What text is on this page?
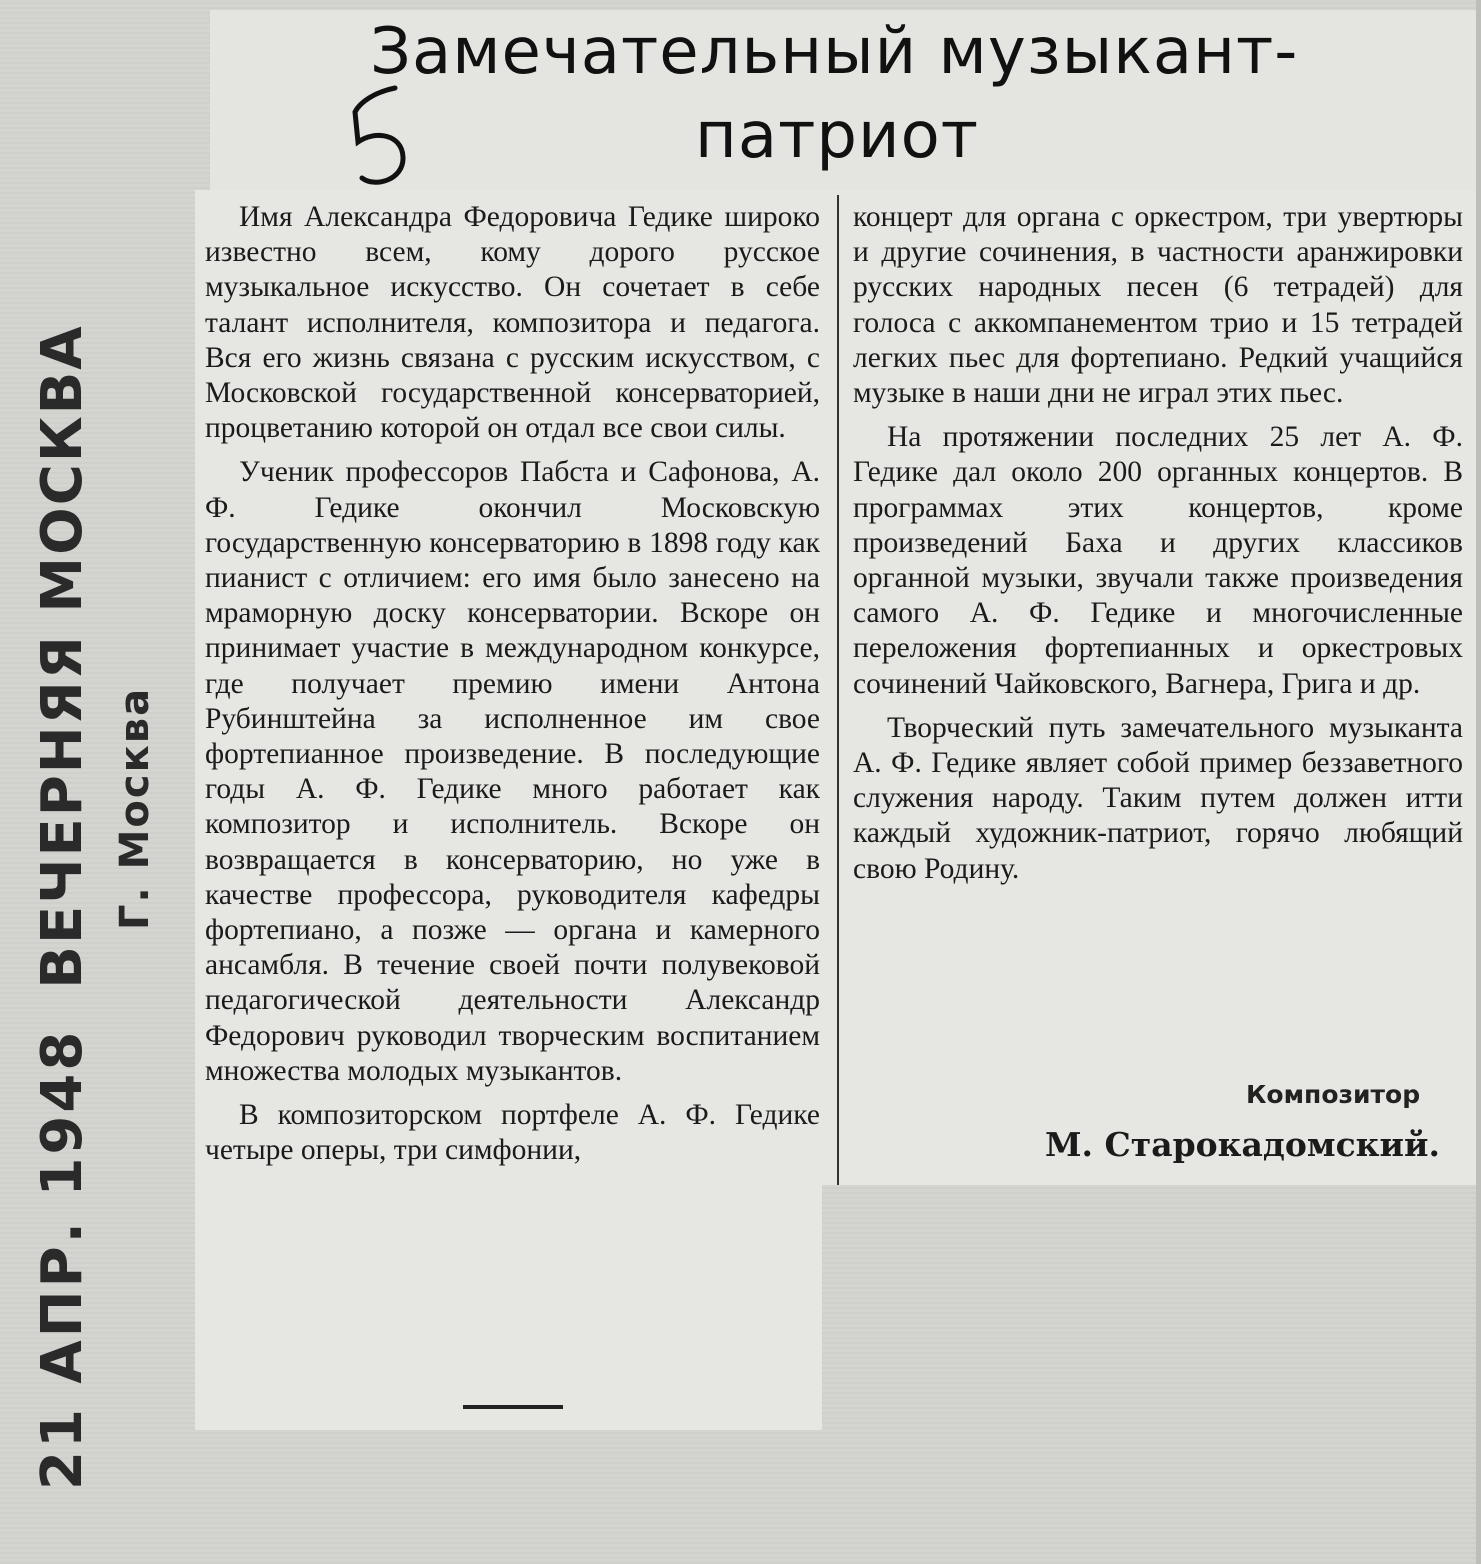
Замечательный музыкант-
патриот

Имя Александра Федоровича Гедике широко известно всем, кому дорого русское музыкальное искусство. Он сочетает в себе талант исполнителя, композитора и педагога. Вся его жизнь связана с русским искусством, с Московской государственной консерваторией, процветанию которой он отдал все свои силы.

Ученик профессоров Пабста и Сафонова, А. Ф. Гедике окончил Московскую государственную консерваторию в 1898 году как пианист с отличием: его имя было занесено на мраморную доску консерватории. Вскоре он принимает участие в международном конкурсе, где получает премию имени Антона Рубинштейна за исполненное им свое фортепианное произведение. В последующие годы А. Ф. Гедике много работает как композитор и исполнитель. Вскоре он возвращается в консерваторию, но уже в качестве профессора, руководителя кафедры фортепиано, а позже — органа и камерного ансамбля. В течение своей почти полувековой педагогической деятельности Александр Федорович руководил творческим воспитанием множества молодых музыкантов.

В композиторском портфеле А. Ф. Гедике четыре оперы, три симфонии,

концерт для органа с оркестром, три увертюры и другие сочинения, в частности аранжировки русских народных песен (6 тетрадей) для голоса с аккомпанементом трио и 15 тетрадей легких пьес для фортепиано. Редкий учащийся музыке в наши дни не играл этих пьес.

На протяжении последних 25 лет А. Ф. Гедике дал около 200 органных концертов. В программах этих концертов, кроме произведений Баха и других классиков органной музыки, звучали также произведения самого А. Ф. Гедике и многочисленные переложения фортепианных и оркестровых сочинений Чайковского, Вагнера, Грига и др.

Творческий путь замечательного музыканта А. Ф. Гедике являет собой пример беззаветного служения народу. Таким путем должен итти каждый художник-патриот, горячо любящий свою Родину.

Композитор
М. Старокадомский.
21 АПР. 1948ВЕЧЕРНЯЯ МОСКВА Г. Москва
